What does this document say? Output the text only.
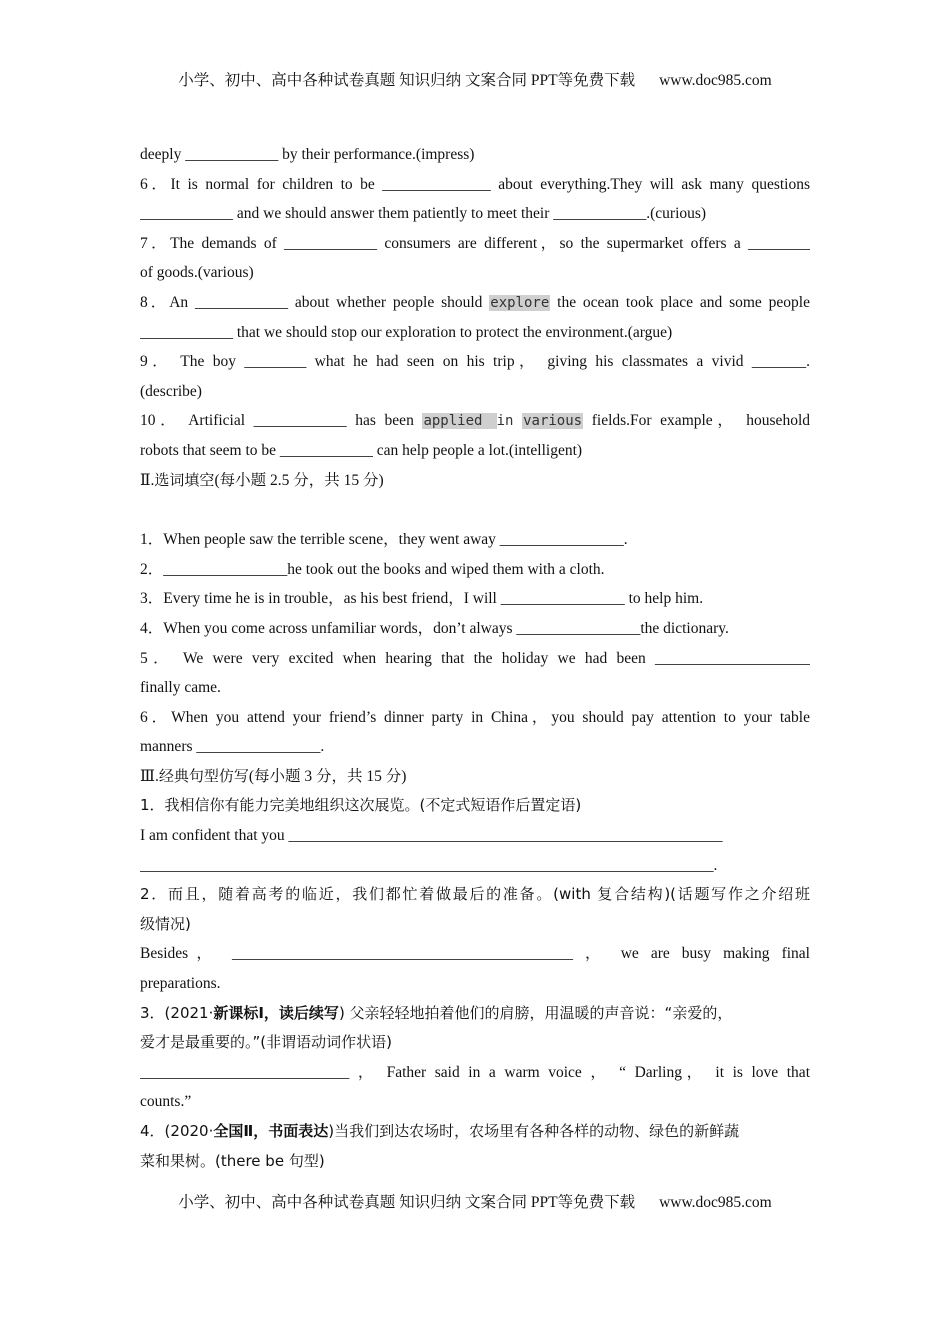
小学、初中、高中各种试卷真题 知识归纳 文案合同 PPT等免费下载 www.doc985.com
deeply ____________ by their performance.(impress)
6．It is normal for children to be ______________ about everything.They will ask many questions
____________ and we should answer them patiently to meet their ____________.(curious)
7．The demands of ____________ consumers are different，so the supermarket offers a ________
of goods.(various)
8．An ____________ about whether people should explore the ocean took place and some people
____________ that we should stop our exploration to protect the environment.(argue)
9． The boy ________ what he had seen on his trip， giving his classmates a vivid _______.
(describe)
10． Artificial ____________ has been applied in various fields.For example， household
robots that seem to be ____________ can help people a lot.(intelligent)
Ⅱ.选词填空(每小题 2.5 分，共 15 分)
1．When people saw the terrible scene，they went away ________________.
2．________________he took out the books and wiped them with a cloth.
3．Every time he is in trouble，as his best friend，I will ________________ to help him.
4．When you come across unfamiliar words，don’t always ________________the dictionary.
5． We were very excited when hearing that the holiday we had been ____________________
finally came.
6．When you attend your friend’s dinner party in China，you should pay attention to your table
manners ________________.
Ⅲ.经典句型仿写(每小题 3 分，共 15 分)
1．我相信你有能力完美地组织这次展览。(不定式短语作后置定语)
I am confident that you ________________________________________________________
__________________________________________________________________________.
2．而且，随着高考的临近，我们都忙着做最后的准备。(with 复合结构)(话题写作之介绍班
级情况)
Besides， ____________________________________________ ， we are busy making final
preparations.
3．(2021·新课标Ⅰ，读后续写) 父亲轻轻地拍着他们的肩膀，用温暖的声音说：“亲爱的，
爱才是最重要的。”(非谓语动词作状语)
___________________________ ， Father said in a warm voice ， “ Darling， it is love that
counts.”
4．(2020·全国Ⅱ，书面表达)当我们到达农场时，农场里有各种各样的动物、绿色的新鲜蔬
菜和果树。(there be 句型)
小学、初中、高中各种试卷真题 知识归纳 文案合同 PPT等免费下载 www.doc985.com
